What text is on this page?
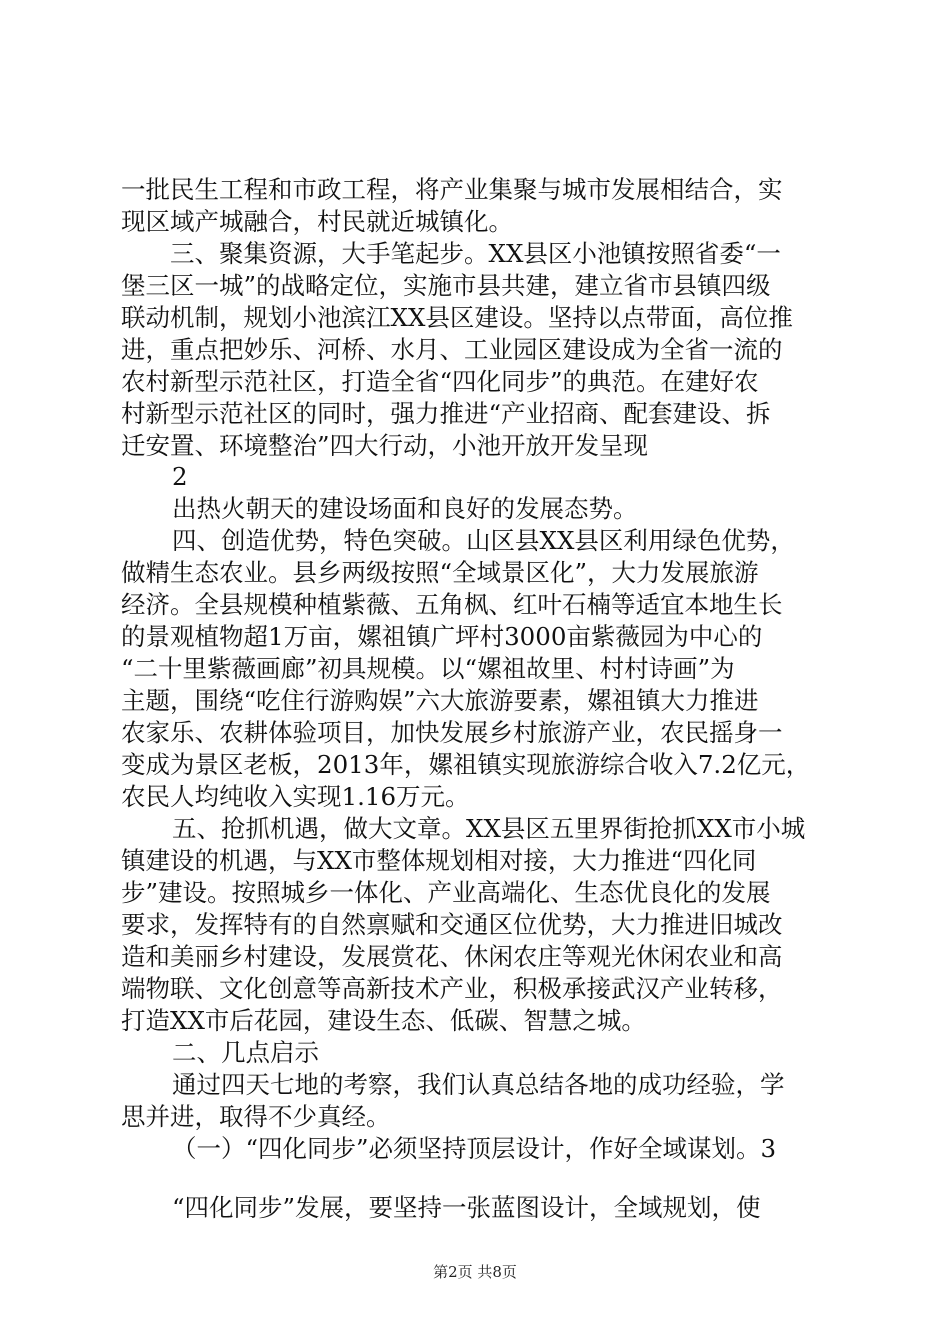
一批民生工程和市政工程，将产业集聚与城市发展相结合，实
现区域产城融合，村民就近城镇化。
三、聚集资源，大手笔起步。XX县区小池镇按照省委“一
堡三区一城”的战略定位，实施市县共建，建立省市县镇四级
联动机制，规划小池滨江XX县区建设。坚持以点带面，高位推
进，重点把妙乐、河桥、水月、工业园区建设成为全省一流的
农村新型示范社区，打造全省“四化同步”的典范。在建好农
村新型示范社区的同时，强力推进“产业招商、配套建设、拆
迁安置、环境整治”四大行动，小池开放开发呈现
2
出热火朝天的建设场面和良好的发展态势。
四、创造优势，特色突破。山区县XX县区利用绿色优势，
做精生态农业。县乡两级按照“全域景区化”，大力发展旅游
经济。全县规模种植紫薇、五角枫、红叶石楠等适宜本地生长
的景观植物超1万亩，嫘祖镇广坪村3000亩紫薇园为中心的
“二十里紫薇画廊”初具规模。以“嫘祖故里、村村诗画”为
主题，围绕“吃住行游购娱”六大旅游要素，嫘祖镇大力推进
农家乐、农耕体验项目，加快发展乡村旅游产业，农民摇身一
变成为景区老板，2013年，嫘祖镇实现旅游综合收入7.2亿元，
农民人均纯收入实现1.16万元。
五、抢抓机遇，做大文章。XX县区五里界街抢抓XX市小城
镇建设的机遇，与XX市整体规划相对接，大力推进“四化同
步”建设。按照城乡一体化、产业高端化、生态优良化的发展
要求，发挥特有的自然禀赋和交通区位优势，大力推进旧城改
造和美丽乡村建设，发展赏花、休闲农庄等观光休闲农业和高
端物联、文化创意等高新技术产业，积极承接武汉产业转移，
打造XX市后花园，建设生态、低碳、智慧之城。
二、几点启示
通过四天七地的考察，我们认真总结各地的成功经验，学
思并进，取得不少真经。
（一）“四化同步”必须坚持顶层设计，作好全域谋划。3
“四化同步”发展，要坚持一张蓝图设计，全域规划，使
第2页 共8页
